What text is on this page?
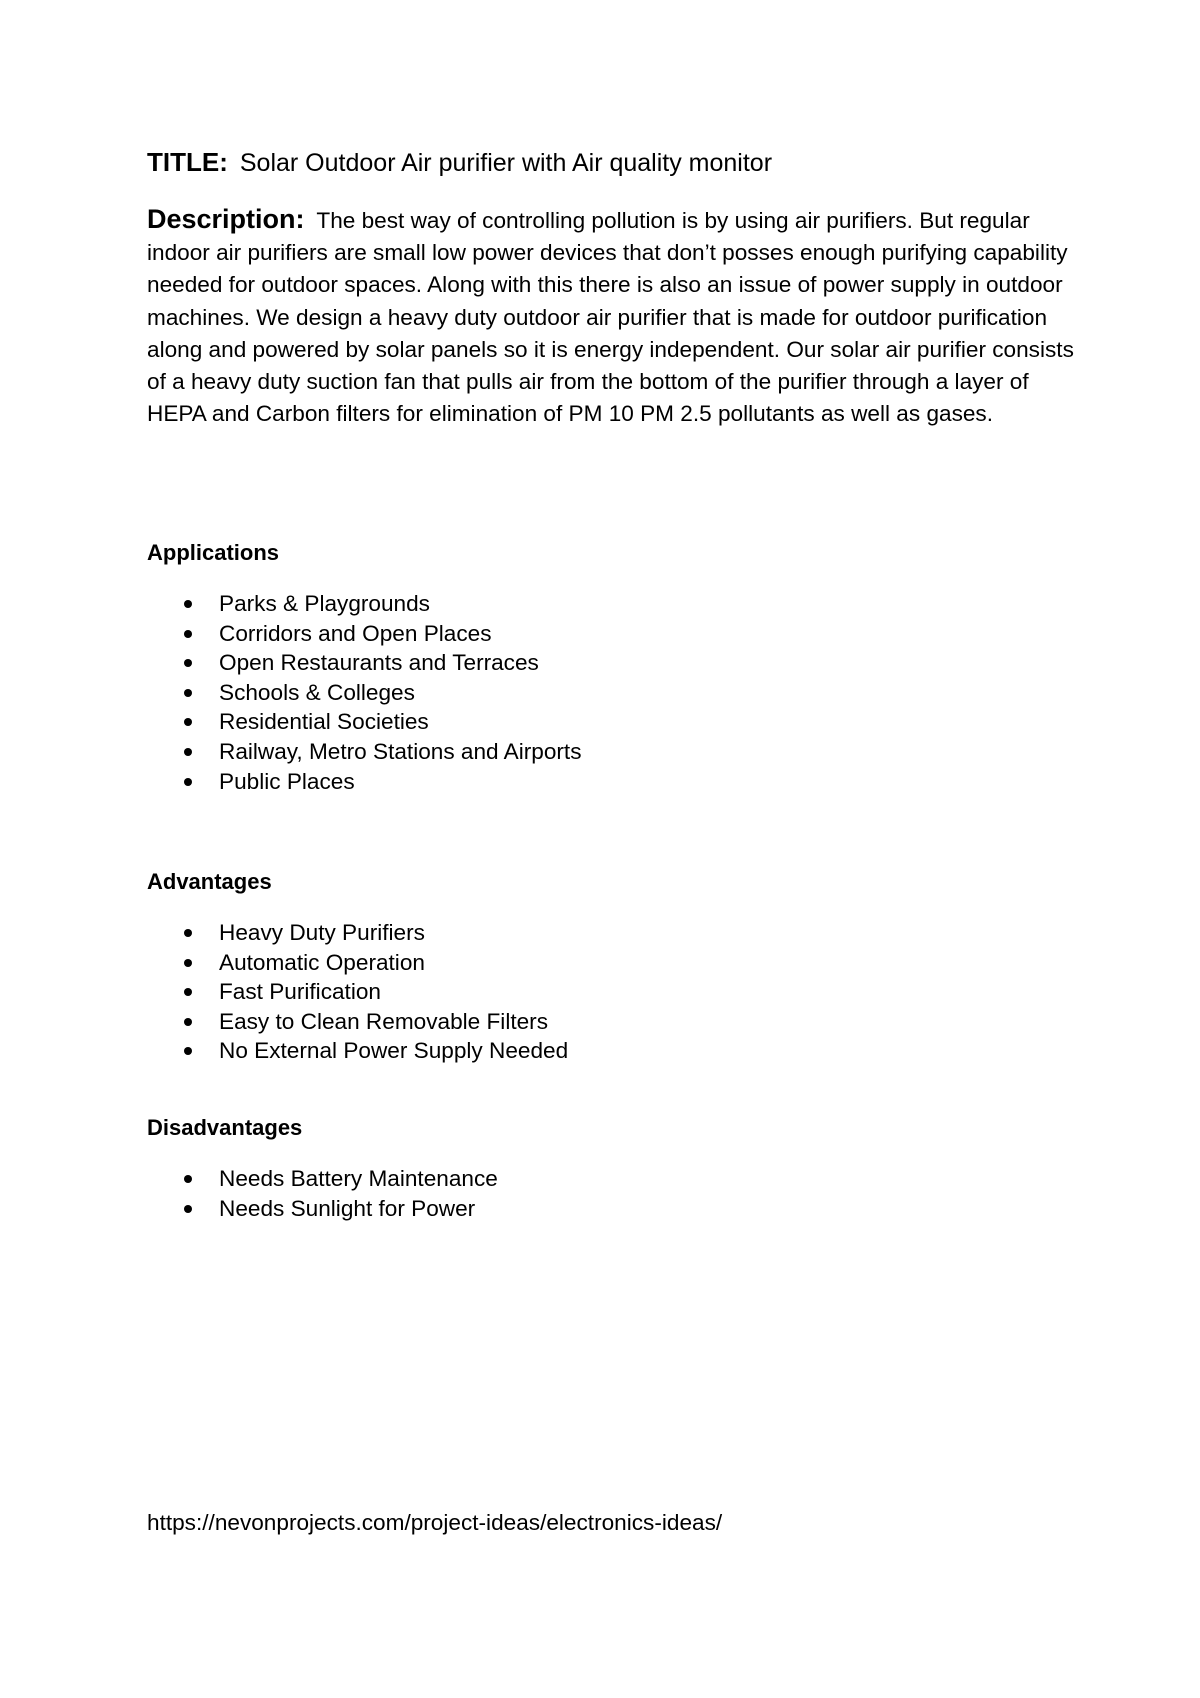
TITLE: Solar Outdoor Air purifier with Air quality monitor
Description: The best way of controlling pollution is by using air purifiers. But regular indoor air purifiers are small low power devices that don’t posses enough purifying capability needed for outdoor spaces. Along with this there is also an issue of power supply in outdoor machines. We design a heavy duty outdoor air purifier that is made for outdoor purification along and powered by solar panels so it is energy independent. Our solar air purifier consists of a heavy duty suction fan that pulls air from the bottom of the purifier through a layer of HEPA and Carbon filters for elimination of PM 10 PM 2.5 pollutants as well as gases.
Applications
Parks & Playgrounds
Corridors and Open Places
Open Restaurants and Terraces
Schools & Colleges
Residential Societies
Railway, Metro Stations and Airports
Public Places
Advantages
Heavy Duty Purifiers
Automatic Operation
Fast Purification
Easy to Clean Removable Filters
No External Power Supply Needed
Disadvantages
Needs Battery Maintenance
Needs Sunlight for Power
https://nevonprojects.com/project-ideas/electronics-ideas/
